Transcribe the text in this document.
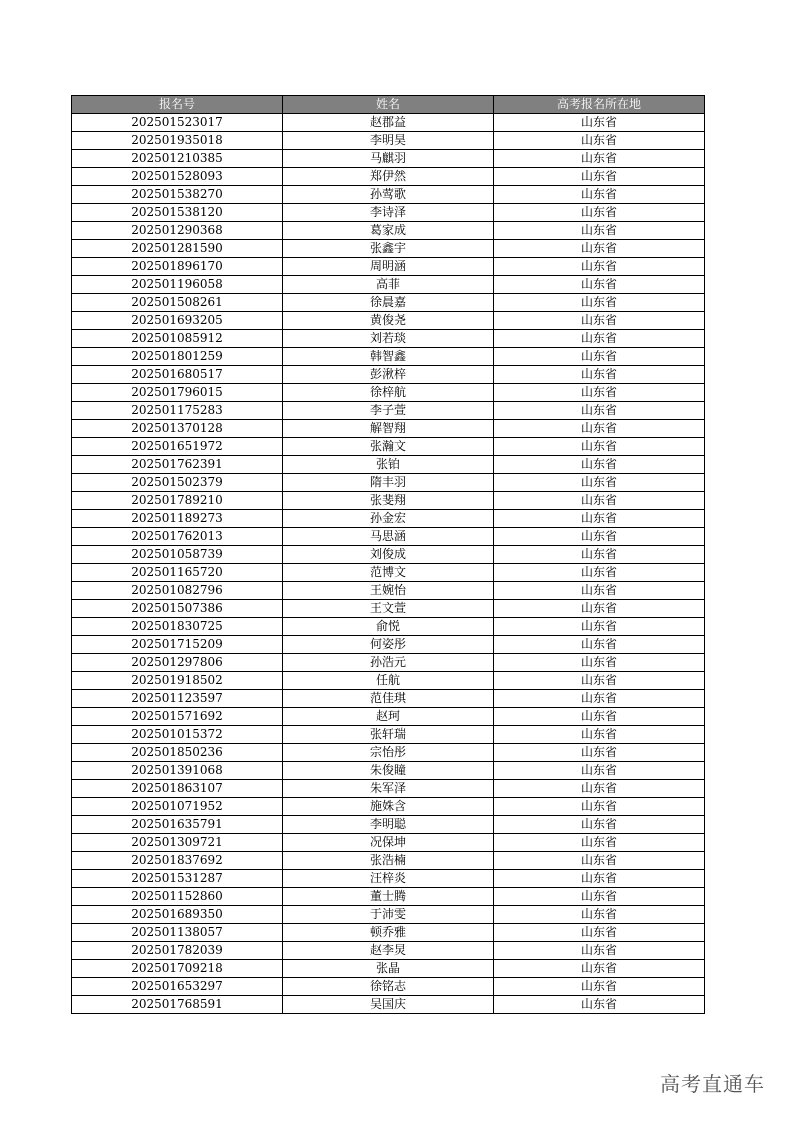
报名号	姓名	高考报名所在地
202501523017	赵郡益	山东省
202501935018	李明昊	山东省
202501210385	马麒羽	山东省
202501528093	郑伊然	山东省
202501538270	孙莺歌	山东省
202501538120	李诗泽	山东省
202501290368	葛家成	山东省
202501281590	张鑫宇	山东省
202501896170	周明涵	山东省
202501196058	高菲	山东省
202501508261	徐晨嘉	山东省
202501693205	黄俊尧	山东省
202501085912	刘若琰	山东省
202501801259	韩智鑫	山东省
202501680517	彭湫梓	山东省
202501796015	徐梓航	山东省
202501175283	李子萱	山东省
202501370128	解智翔	山东省
202501651972	张瀚文	山东省
202501762391	张铂	山东省
202501502379	隋丰羽	山东省
202501789210	张斐翔	山东省
202501189273	孙金宏	山东省
202501762013	马思涵	山东省
202501058739	刘俊成	山东省
202501165720	范博文	山东省
202501082796	王婉怡	山东省
202501507386	王文萱	山东省
202501830725	俞悦	山东省
202501715209	何姿彤	山东省
202501297806	孙浩元	山东省
202501918502	任航	山东省
202501123597	范佳琪	山东省
202501571692	赵珂	山东省
202501015372	张轩瑞	山东省
202501850236	宗怡彤	山东省
202501391068	朱俊瞳	山东省
202501863107	朱军泽	山东省
202501071952	施姝含	山东省
202501635791	李明聪	山东省
202501309721	况保坤	山东省
202501837692	张浩楠	山东省
202501531287	汪梓炎	山东省
202501152860	董士腾	山东省
202501689350	于沛雯	山东省
202501138057	顿乔雅	山东省
202501782039	赵李炅	山东省
202501709218	张晶	山东省
202501653297	徐铭志	山东省
202501768591	吴国庆	山东省
高考直通车
